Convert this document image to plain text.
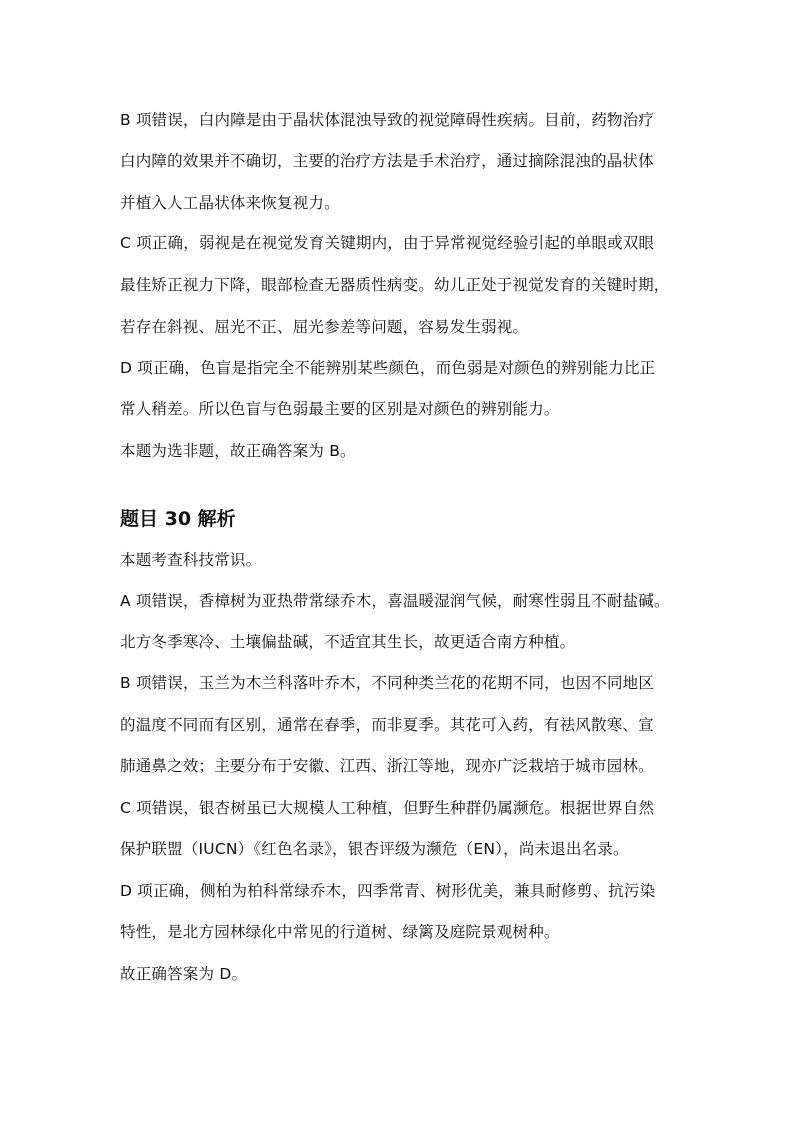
B 项错误，白内障是由于晶状体混浊导致的视觉障碍性疾病。目前，药物治疗
白内障的效果并不确切，主要的治疗方法是手术治疗，通过摘除混浊的晶状体
并植入人工晶状体来恢复视力。
C 项正确，弱视是在视觉发育关键期内，由于异常视觉经验引起的单眼或双眼
最佳矫正视力下降，眼部检查无器质性病变。幼儿正处于视觉发育的关键时期，
若存在斜视、屈光不正、屈光参差等问题，容易发生弱视。
D 项正确，色盲是指完全不能辨别某些颜色，而色弱是对颜色的辨别能力比正
常人稍差。所以色盲与色弱最主要的区别是对颜色的辨别能力。
本题为选非题，故正确答案为 B。
题目 30 解析
本题考查科技常识。
A 项错误，香樟树为亚热带常绿乔木，喜温暖湿润气候，耐寒性弱且不耐盐碱。
北方冬季寒冷、土壤偏盐碱，不适宜其生长，故更适合南方种植。
B 项错误，玉兰为木兰科落叶乔木，不同种类兰花的花期不同，也因不同地区
的温度不同而有区别，通常在春季，而非夏季。其花可入药，有祛风散寒、宣
肺通鼻之效；主要分布于安徽、江西、浙江等地，现亦广泛栽培于城市园林。
C 项错误，银杏树虽已大规模人工种植，但野生种群仍属濒危。根据世界自然
保护联盟（IUCN）《红色名录》，银杏评级为濒危（EN），尚未退出名录。
D 项正确，侧柏为柏科常绿乔木，四季常青、树形优美，兼具耐修剪、抗污染
特性，是北方园林绿化中常见的行道树、绿篱及庭院景观树种。
故正确答案为 D。
